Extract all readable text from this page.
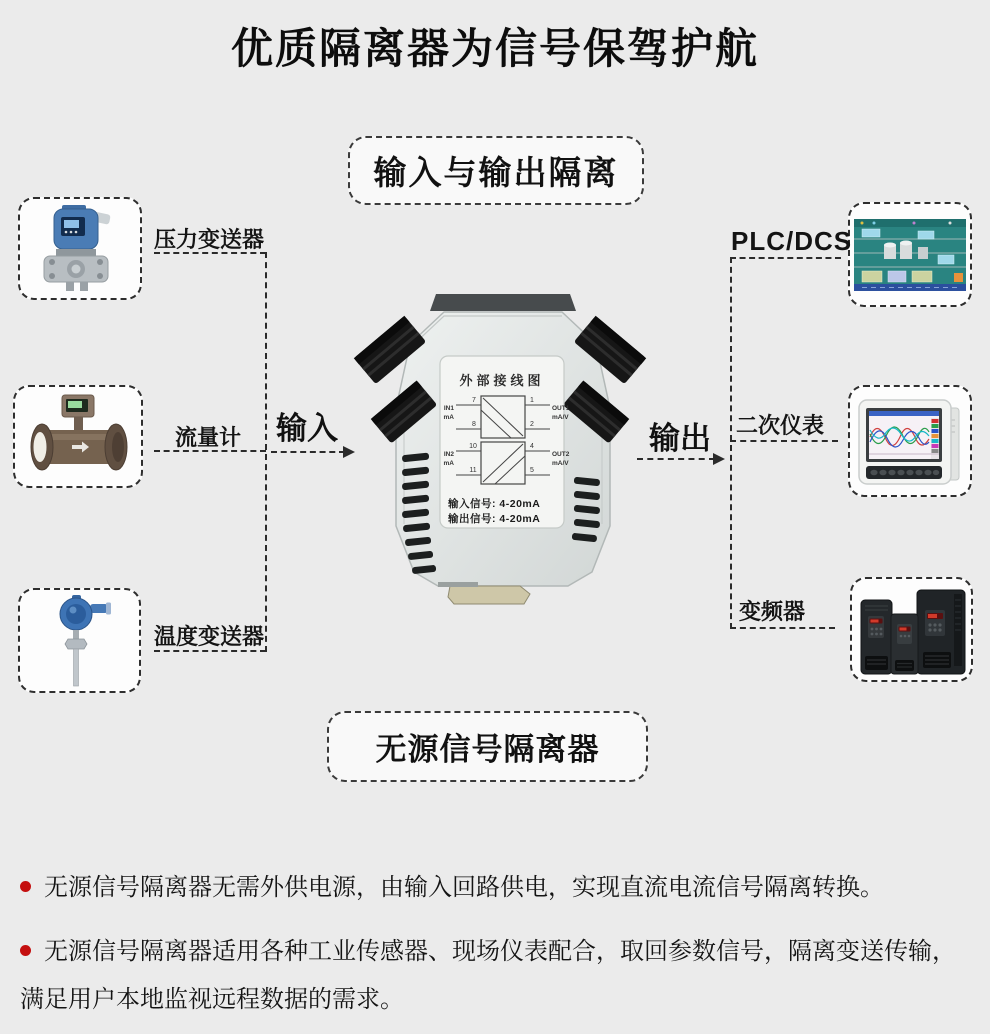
优质隔离器为信号保驾护航
输入与输出隔离
压力变送器
流量计
温度变送器
PLC/DCS
二次仪表
变频器
输入	输出
外部接线图
7
8
IN1
mA
1
2
OUT1
mA/V
10
11
IN2
mA
4
5
OUT2
mA/V
输入信号: 4-20mA
输出信号: 4-20mA
无源信号隔离器

无源信号隔离器无需外供电源，由输入回路供电，实现直流电流信号隔离转换。

无源信号隔离器适用各种工业传感器、现场仪表配合，取回参数信号，隔离变送传输，满足用户本地监视远程数据的需求。
